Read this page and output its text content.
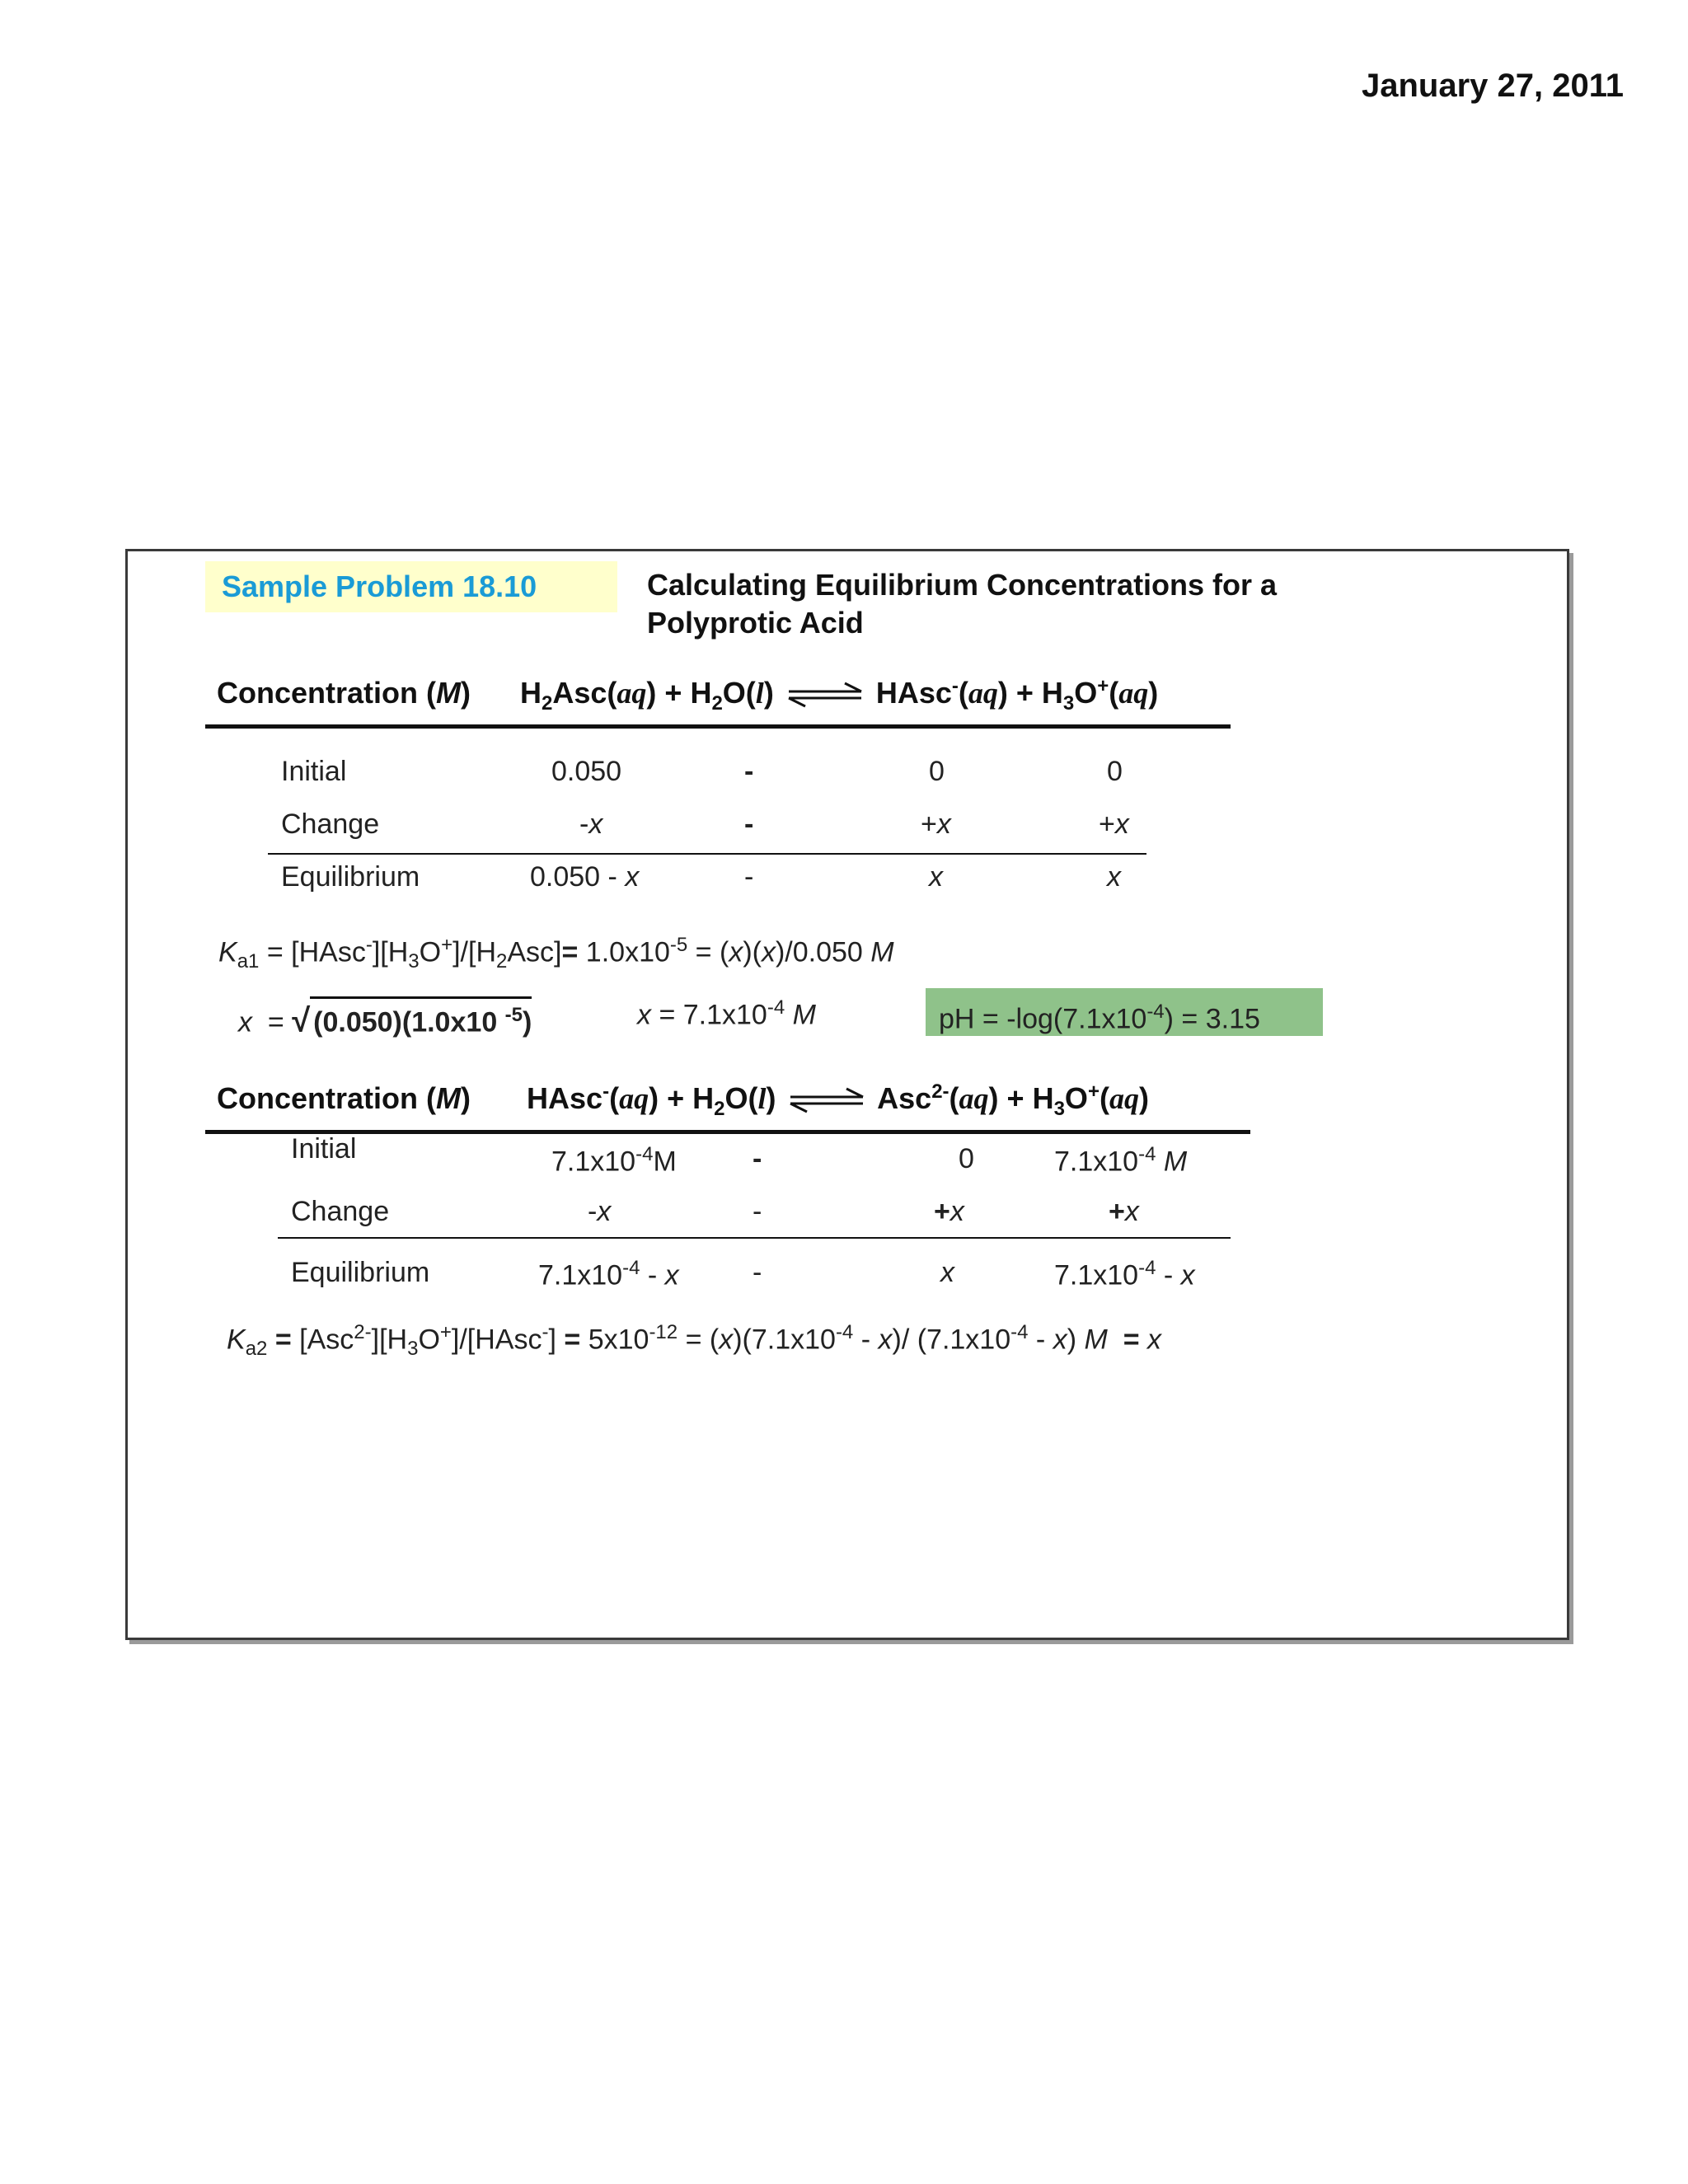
January 27, 2011
Sample Problem 18.10	Calculating Equilibrium Concentrations for a
Polyprotic Acid
Concentration (M) $H_2Asc(aq) + H_2O(l)$ ⇌ HAsc-(aq) + $H_3O^+(aq)$
Initial	0.050	-	0	0
Change	-x	-	+x	+x
Equilibrium	0.050 - x	-	x	x
$K_{a1}$ = $[HAsc^-][H_3O^+]/[H_2Asc]= 1.0x10^{-5} = (x)(x)/0.050$ M
x  = √ (0.050)(1.0x10 $^{-5}$)	$x = 7.1x10^{-4}$ M	pH = $-\log(7.1x10^{-4}) = 3.15$
Concentration (M) HAsc-(aq) + $H_2O(l)$ ⇌ $Asc^{2-}(aq) + H_3O^+(aq)$
Initial	$7.1x10^{-4}M$	-	0	$7.1x10^{-4}$ M
Change	-x	-	+x	+x
Equilibrium	$7.1x10^{-4}$ - x	-	x	$7.1x10^{-4}$ - x
$K_{a2}$ = $[Asc^{2-}][H_3O^+]/[HAsc^-] = 5x10^{-12} = (x)(7.1x10^{-4} - x)/$ $(7.1x10^{-4} - x) M = x$
